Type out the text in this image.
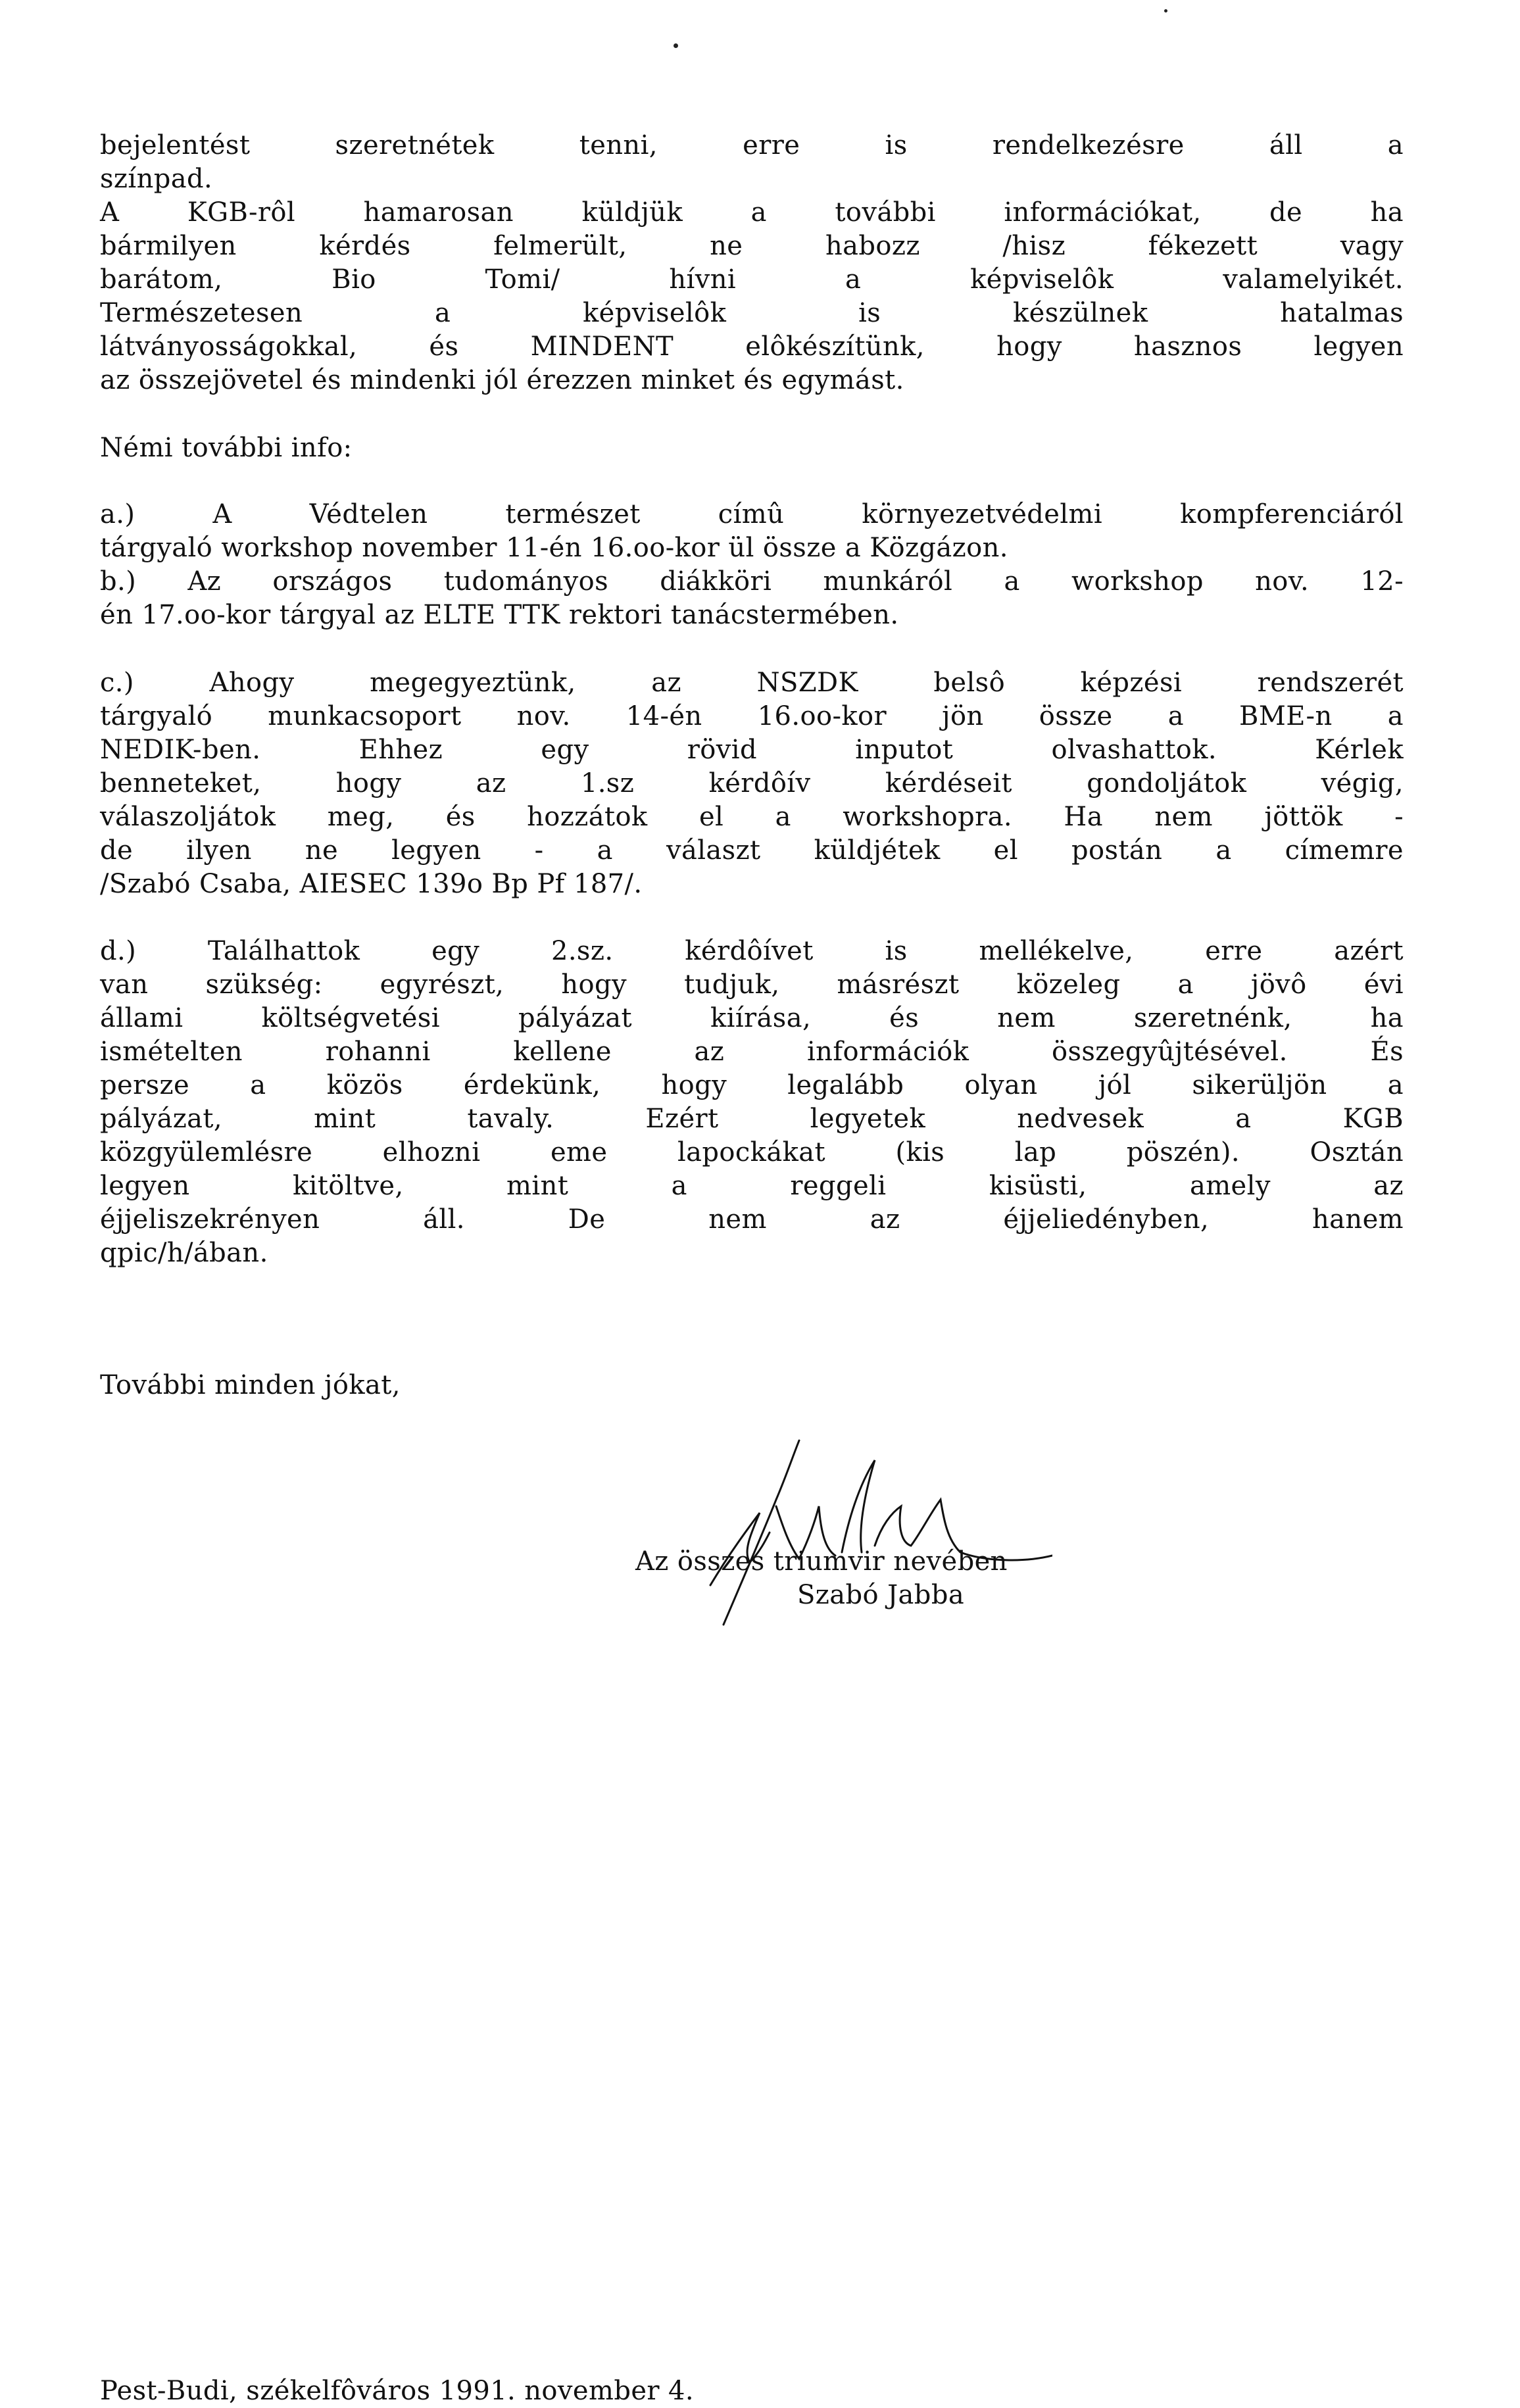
bejelentést szeretnétek tenni, erre is rendelkezésre áll a
színpad.
A KGB-rôl hamarosan küldjük a további információkat, de ha
bármilyen kérdés felmerült, ne habozz /hisz fékezett vagy
barátom, Bio Tomi/ hívni a képviselôk valamelyikét.
Természetesen a képviselôk is készülnek hatalmas
látványosságokkal, és MINDENT elôkészítünk, hogy hasznos legyen
az összejövetel és mindenki jól érezzen minket és egymást.
Némi további info:
a.) A Védtelen természet címû környezetvédelmi kompferenciáról
tárgyaló workshop november 11-én 16.oo-kor ül össze a Közgázon.
b.) Az országos tudományos diákköri munkáról a workshop nov. 12-
én 17.oo-kor tárgyal az ELTE TTK rektori tanácstermében.
c.) Ahogy megegyeztünk, az NSZDK belsô képzési rendszerét
tárgyaló munkacsoport nov. 14-én 16.oo-kor jön össze a BME-n a
NEDIK-ben. Ehhez egy rövid inputot olvashattok. Kérlek
benneteket, hogy az 1.sz kérdôív kérdéseit gondoljátok végig,
válaszoljátok meg, és hozzátok el a workshopra. Ha nem jöttök -
de ilyen ne legyen - a választ küldjétek el postán a címemre
/Szabó Csaba, AIESEC 139o Bp Pf 187/.
d.) Találhattok egy 2.sz. kérdôívet is mellékelve, erre azért
van szükség: egyrészt, hogy tudjuk, másrészt közeleg a jövô évi
állami költségvetési pályázat kiírása, és nem szeretnénk, ha
ismételten rohanni kellene az információk összegyûjtésével. És
persze a közös érdekünk, hogy legalább olyan jól sikerüljön a
pályázat, mint tavaly. Ezért legyetek nedvesek a KGB
közgyülemlésre elhozni eme lapockákat (kis lap pöszén). Osztán
legyen kitöltve, mint a reggeli kisüsti, amely az
éjjeliszekrényen áll. De nem az éjjeliedényben, hanem
qpic/h/ában.
További minden jókat,
Az összes triumvir nevében
Szabó Jabba
Pest-Budi, székelfôváros 1991. november 4.
